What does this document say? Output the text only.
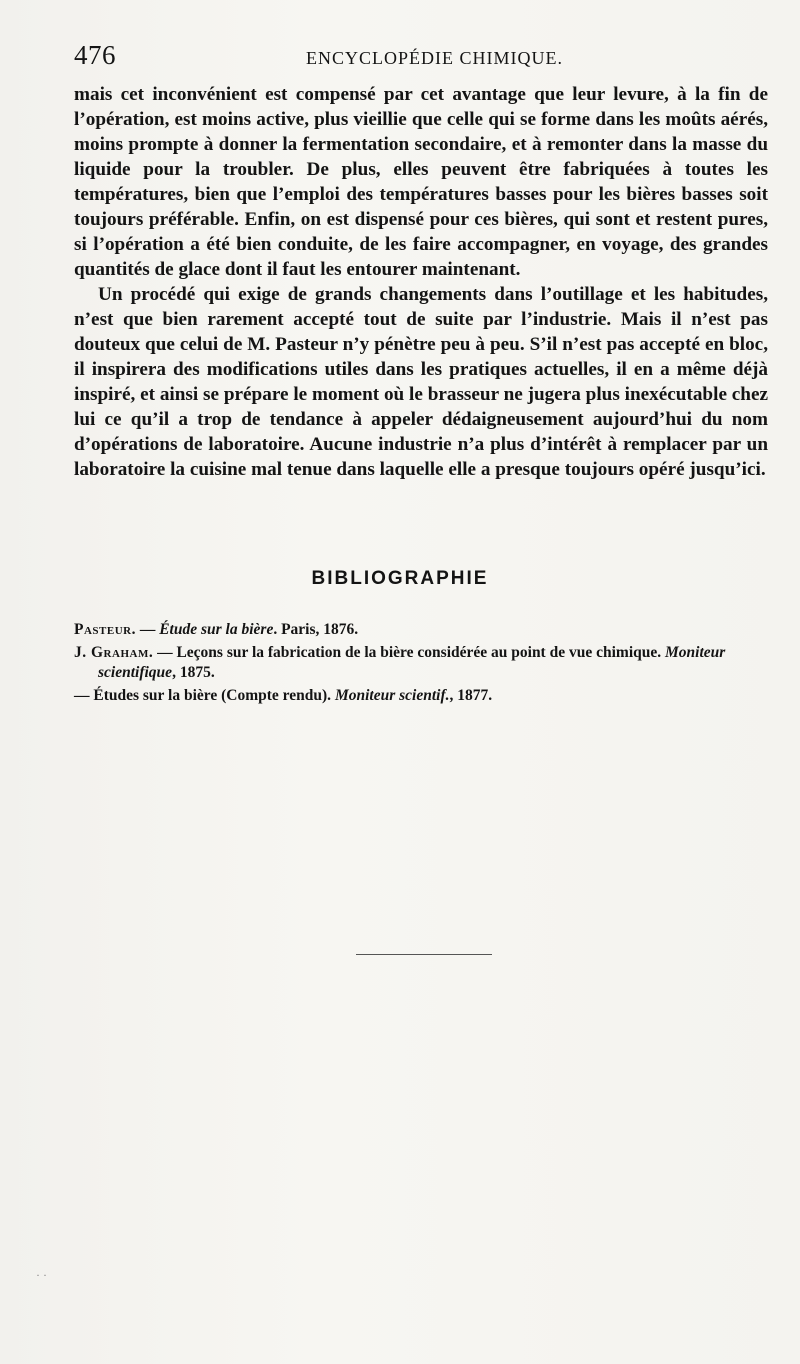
476	ENCYCLOPÉDIE CHIMIQUE.

mais cet inconvénient est compensé par cet avantage que leur levure, à la fin de l’opération, est moins active, plus vieillie que celle qui se forme dans les moûts aérés, moins prompte à donner la fermentation secondaire, et à remonter dans la masse du liquide pour la troubler. De plus, elles peuvent être fabriquées à toutes les températures, bien que l’emploi des températures basses pour les bières basses soit toujours préférable. Enfin, on est dispensé pour ces bières, qui sont et restent pures, si l’opération a été bien conduite, de les faire accompagner, en voyage, des grandes quantités de glace dont il faut les entourer maintenant.

Un procédé qui exige de grands changements dans l’outillage et les habitudes, n’est que bien rarement accepté tout de suite par l’industrie. Mais il n’est pas douteux que celui de M. Pasteur n’y pénètre peu à peu. S’il n’est pas accepté en bloc, il inspirera des modifications utiles dans les pratiques actuelles, il en a même déjà inspiré, et ainsi se prépare le moment où le brasseur ne jugera plus inexécutable chez lui ce qu’il a trop de tendance à appeler dédaigneusement aujourd’hui du nom d’opérations de laboratoire. Aucune industrie n’a plus d’intérêt à remplacer par un laboratoire la cuisine mal tenue dans laquelle elle a presque toujours opéré jusqu’ici.

BIBLIOGRAPHIE

Pasteur. — Étude sur la bière. Paris, 1876.

J. Graham. — Leçons sur la fabrication de la bière considérée au point de vue chimique. Moniteur scientifique, 1875.

— Études sur la bière (Compte rendu). Moniteur scientif., 1877.

· ·
